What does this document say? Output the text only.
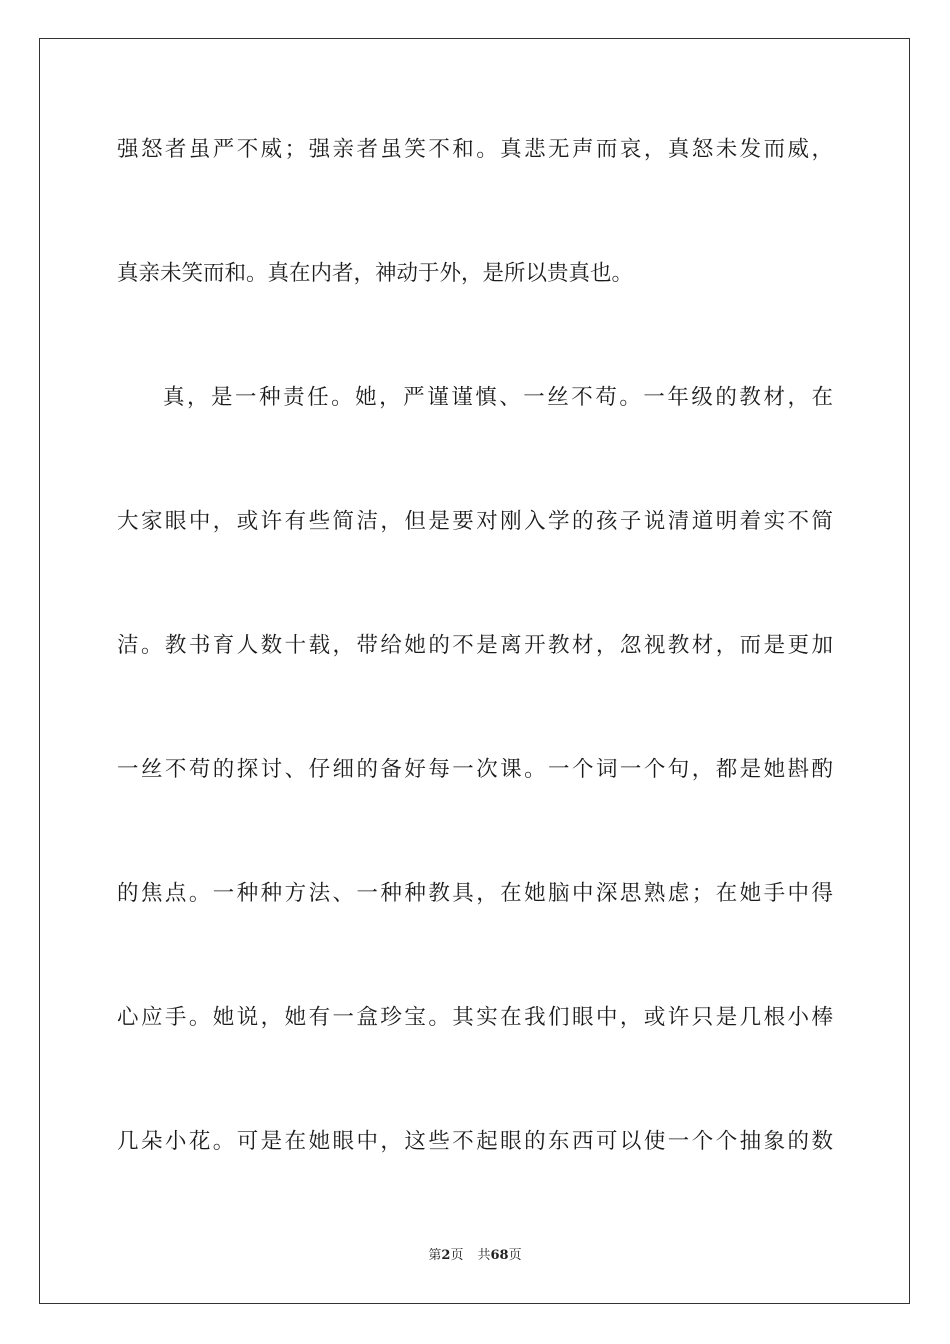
强怒者虽严不威；强亲者虽笑不和。真悲无声而哀，真怒未发而威，
真亲未笑而和。真在内者，神动于外，是所以贵真也。
真，是一种责任。她，严谨谨慎、一丝不苟。一年级的教材，在
大家眼中，或许有些简洁，但是要对刚入学的孩子说清道明着实不简
洁。教书育人数十载，带给她的不是离开教材，忽视教材，而是更加
一丝不苟的探讨、仔细的备好每一次课。一个词一个句，都是她斟酌
的焦点。一种种方法、一种种教具，在她脑中深思熟虑；在她手中得
心应手。她说，她有一盒珍宝。其实在我们眼中，或许只是几根小棒
几朵小花。可是在她眼中，这些不起眼的东西可以使一个个抽象的数
第2页 共68页
